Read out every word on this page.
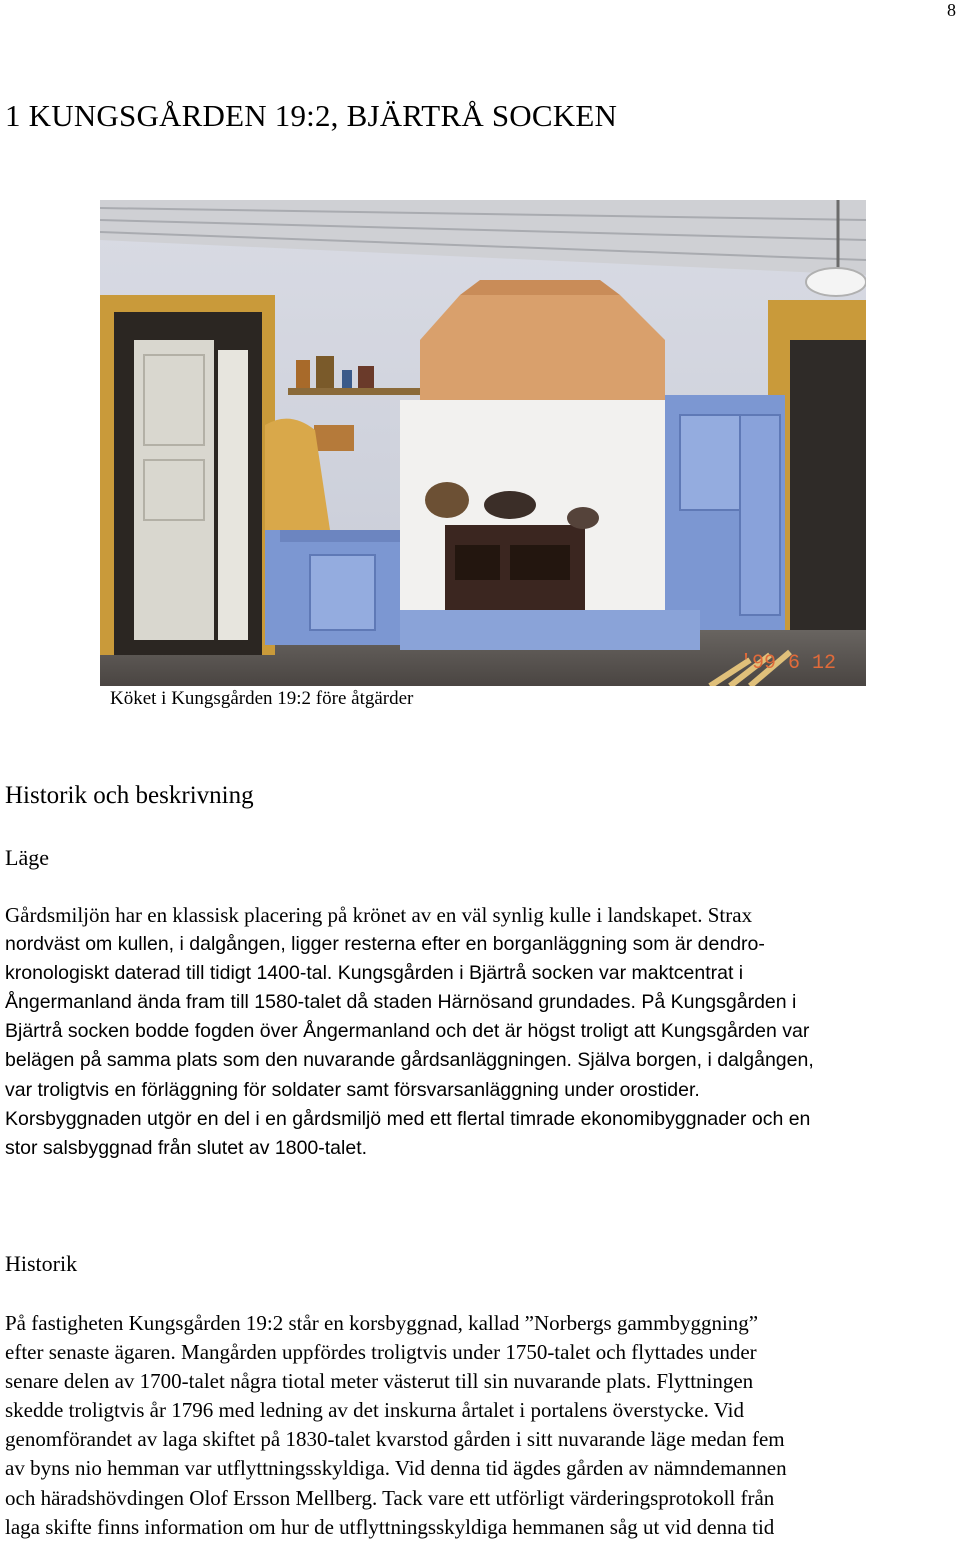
8
1 KUNGSGÅRDEN 19:2, BJÄRTRÅ SOCKEN
'99 6 12
Köket i Kungsgården 19:2 före åtgärder
Historik och beskrivning
Läge
Gårdsmiljön har en klassisk placering på krönet av en väl synlig kulle i landskapet. Strax
nordväst om kullen, i dalgången, ligger resterna efter en borganläggning som är dendro-
kronologiskt daterad till tidigt 1400-tal. Kungsgården i Bjärtrå socken var maktcentrat i
Ångermanland ända fram till 1580-talet då staden Härnösand grundades. På Kungsgården i
Bjärtrå socken bodde fogden över Ångermanland och det är högst troligt att Kungsgården var
belägen på samma plats som den nuvarande gårdsanläggningen. Själva borgen, i dalgången,
var troligtvis en förläggning för soldater samt försvarsanläggning under orostider.
Korsbyggnaden utgör en del i en gårdsmiljö med ett flertal timrade ekonomibyggnader och en
stor salsbyggnad från slutet av 1800-talet.
Historik
På fastigheten Kungsgården 19:2 står en korsbyggnad, kallad ”Norbergs gammbyggning”
efter senaste ägaren. Mangården uppfördes troligtvis under 1750-talet och flyttades under
senare delen av 1700-talet några tiotal meter västerut till sin nuvarande plats. Flyttningen
skedde troligtvis år 1796 med ledning av det inskurna årtalet i portalens överstycke. Vid
genomförandet av laga skiftet på 1830-talet kvarstod gården i sitt nuvarande läge medan fem
av byns nio hemman var utflyttningsskyldiga. Vid denna tid ägdes gården av nämndemannen
och häradshövdingen Olof Ersson Mellberg. Tack vare ett utförligt värderingsprotokoll från
laga skifte finns information om hur de utflyttningsskyldiga hemmanen såg ut vid denna tid
